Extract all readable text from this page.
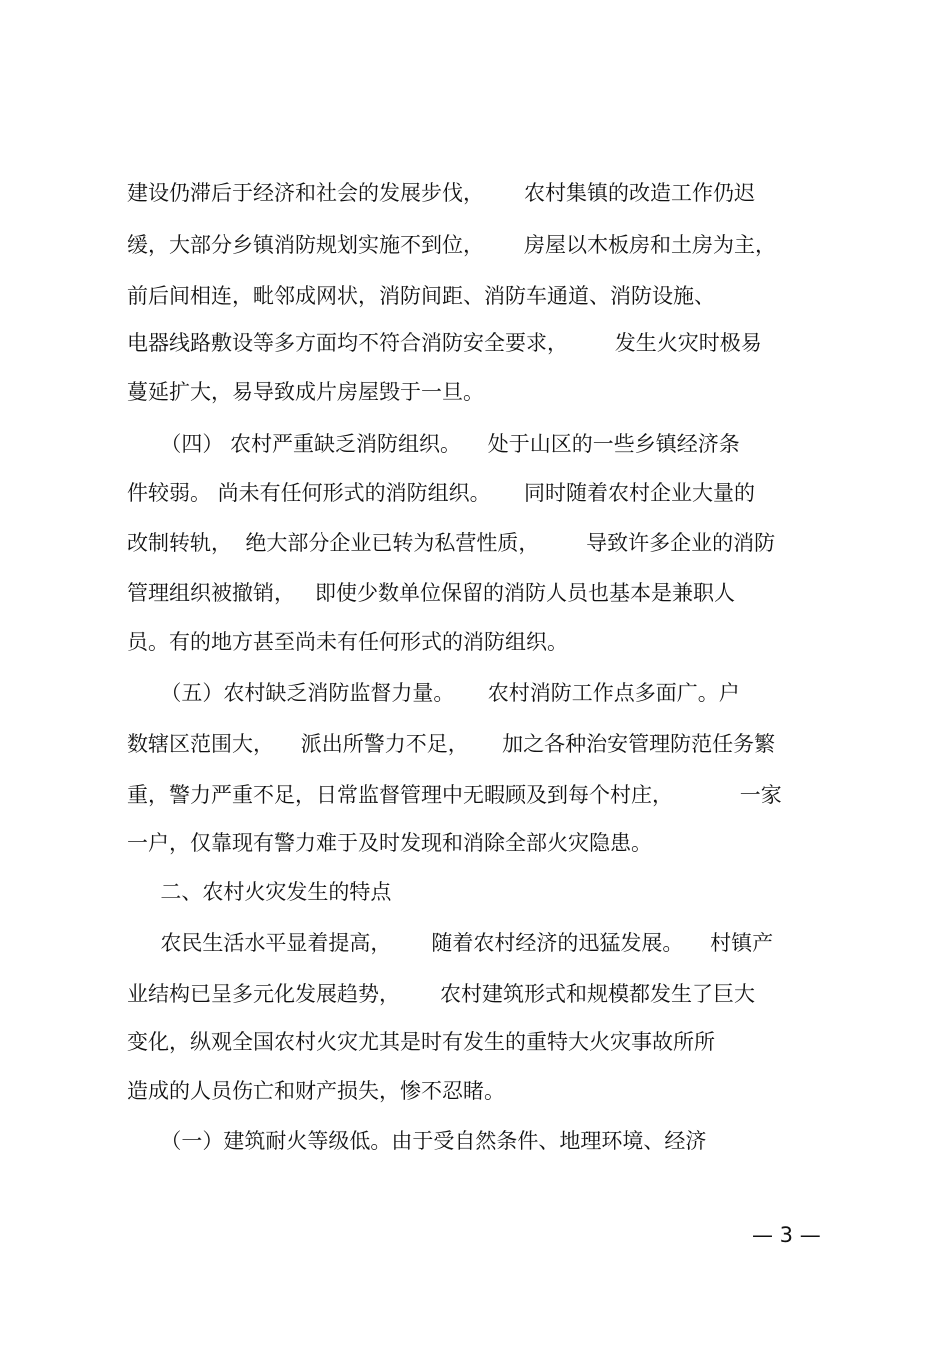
建设仍滞后于经济和社会的发展步伐，      农村集镇的改造工作仍迟
缓，大部分乡镇消防规划实施不到位，      房屋以木板房和土房为主，
前后间相连，毗邻成网状，消防间距、消防车通道、消防设施、
电器线路敷设等多方面均不符合消防安全要求，       发生火灾时极易
蔓延扩大，易导致成片房屋毁于一旦。
（四） 农村严重缺乏消防组织。    处于山区的一些乡镇经济条
件较弱。 尚未有任何形式的消防组织。     同时随着农村企业大量的
改制转轨，  绝大部分企业已转为私营性质，       导致许多企业的消防
管理组织被撤销，   即使少数单位保留的消防人员也基本是兼职人
员。有的地方甚至尚未有任何形式的消防组织。
（五）农村缺乏消防监督力量。     农村消防工作点多面广。户
数辖区范围大，    派出所警力不足，     加之各种治安管理防范任务繁
重，警力严重不足，日常监督管理中无暇顾及到每个村庄，          一家
一户，仅靠现有警力难于及时发现和消除全部火灾隐患。
二、农村火灾发生的特点
农民生活水平显着提高，      随着农村经济的迅猛发展。    村镇产
业结构已呈多元化发展趋势，      农村建筑形式和规模都发生了巨大
变化，纵观全国农村火灾尤其是时有发生的重特大火灾事故所所
造成的人员伤亡和财产损失，惨不忍睹。
（一）建筑耐火等级低。由于受自然条件、地理环境、经济
— 3 —
